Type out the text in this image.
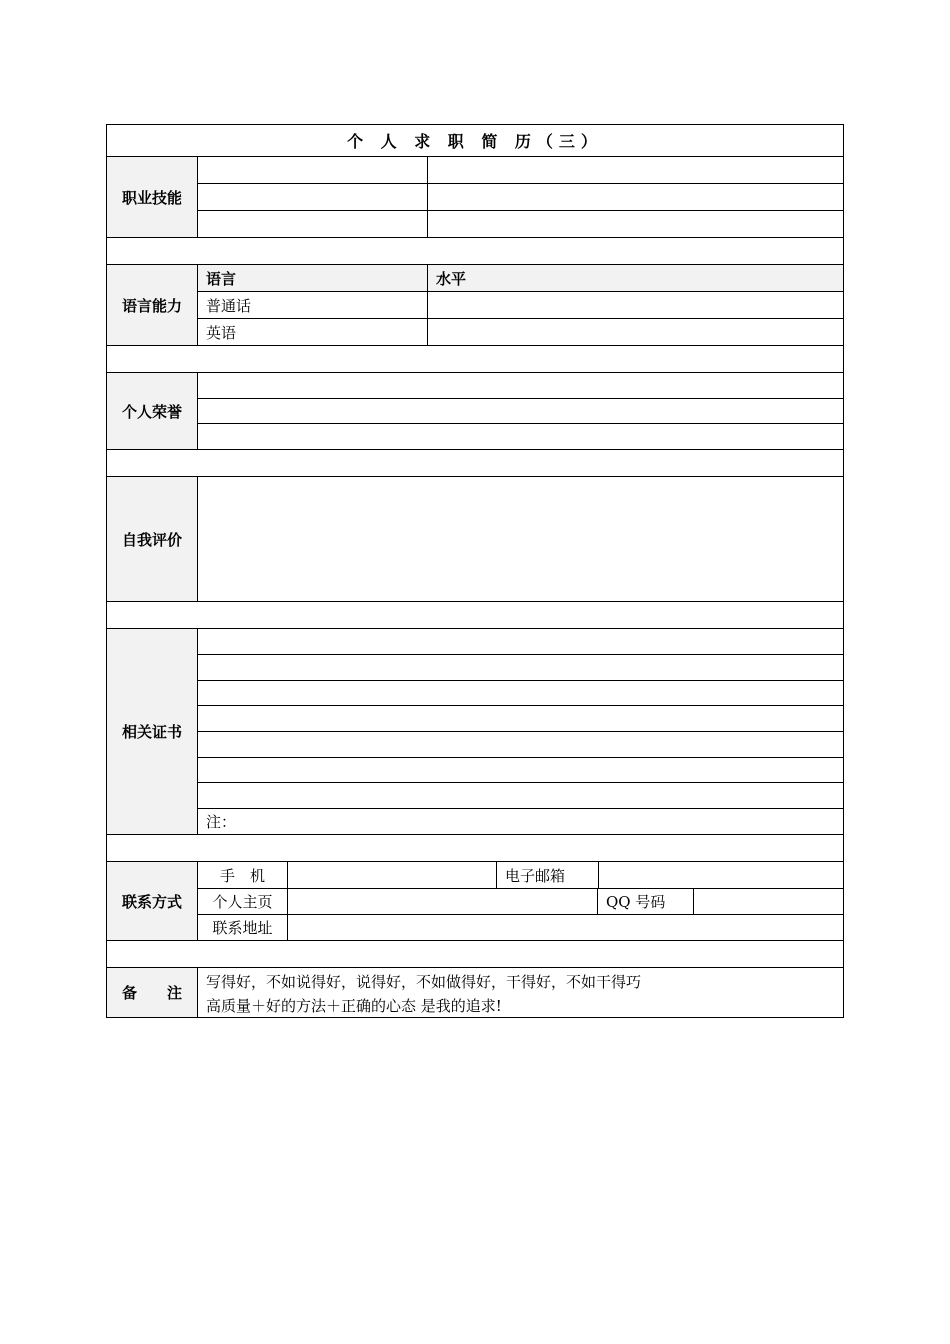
个 人 求 职 简 历（三）
职业技能
语言能力
语言	水平
普通话
英语
个人荣誉
自我评价
相关证书
注：
联系方式
手　机	电子邮箱
个人主页	QQ 号码
联系地址
备　　注
写得好，不如说得好，说得好，不如做得好，干得好，不如干得巧
高质量＋好的方法＋正确的心态 是我的追求!
